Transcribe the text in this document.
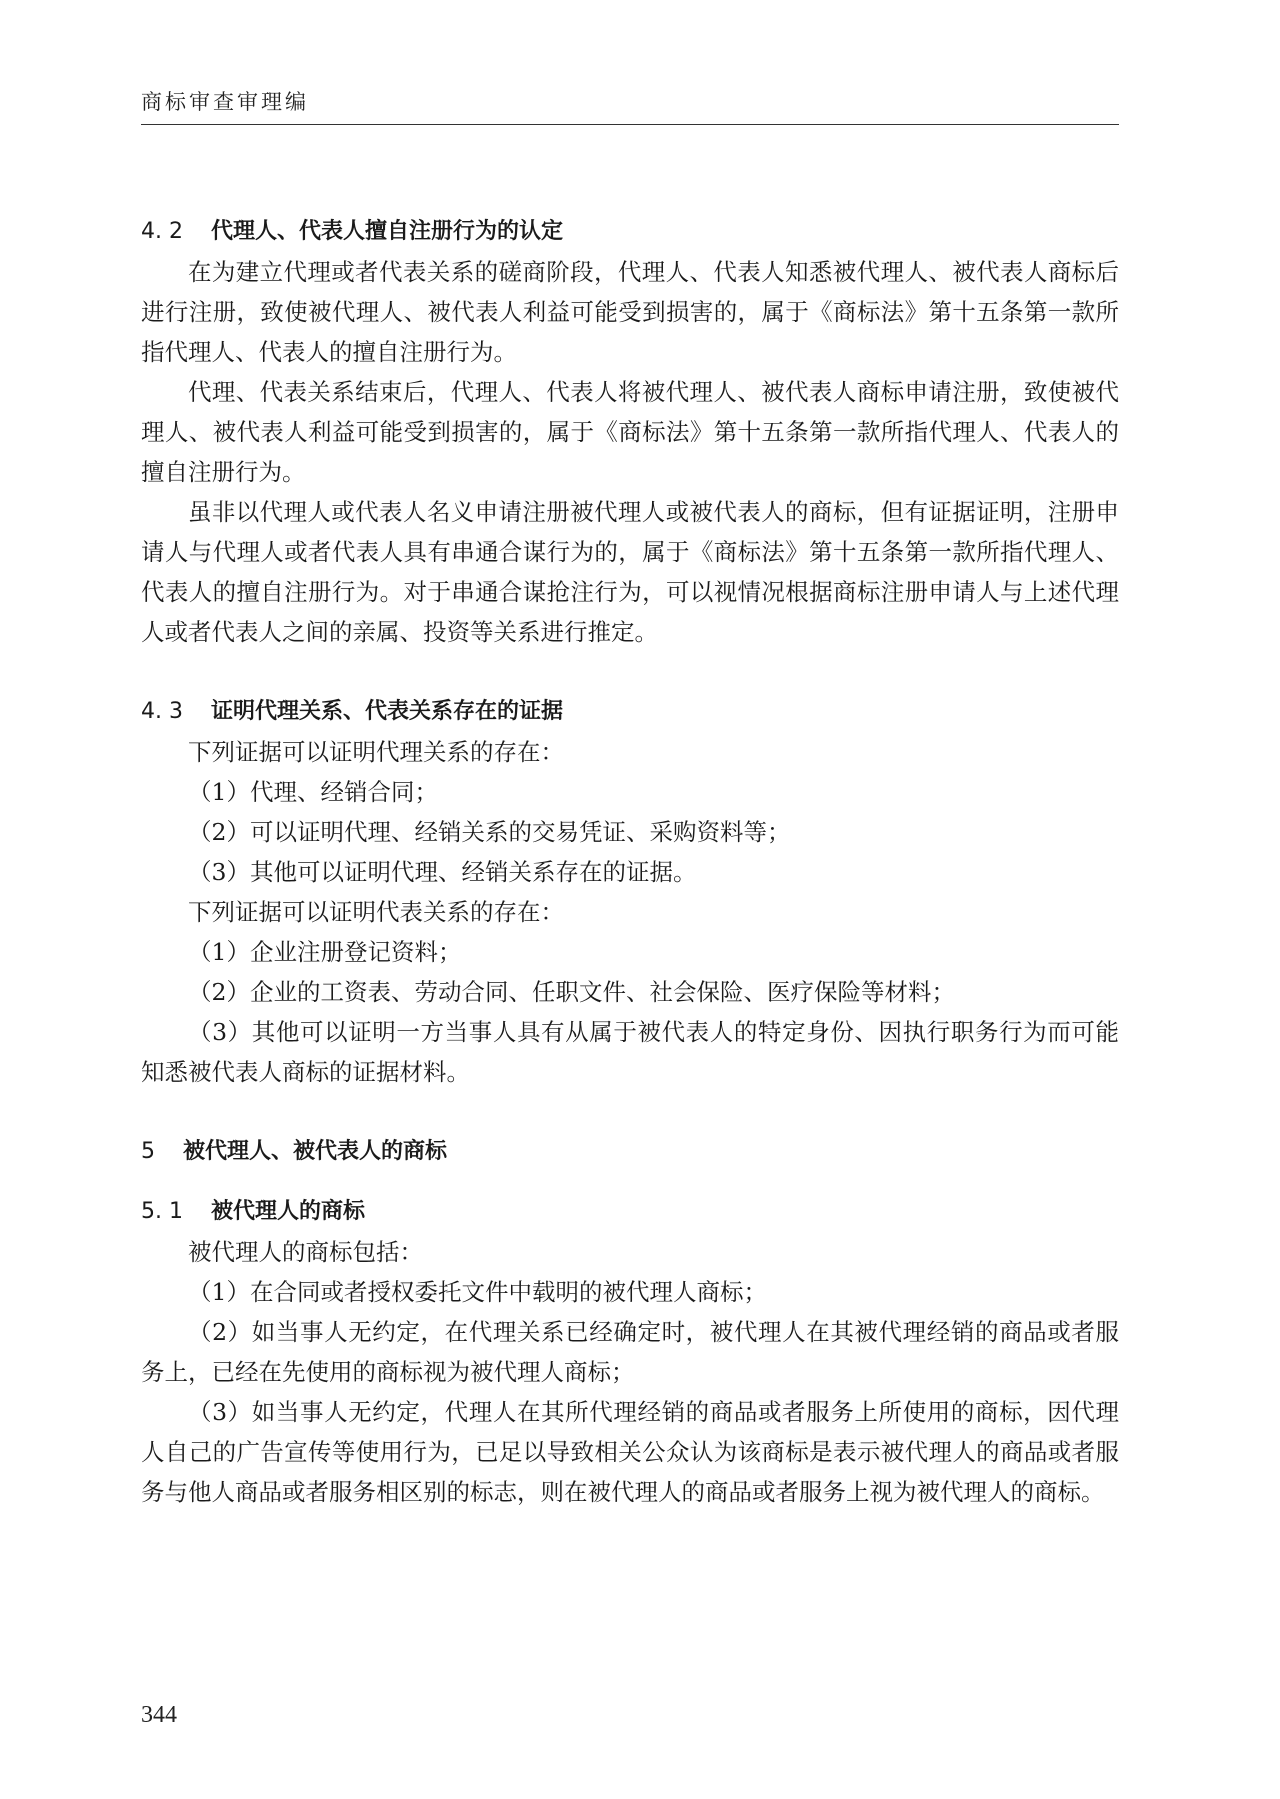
商标审查审理编
4. 2 代理人、代表人擅自注册行为的认定

在为建立代理或者代表关系的磋商阶段，代理人、代表人知悉被代理人、被代表人商标后进行注册，致使被代理人、被代表人利益可能受到损害的，属于《商标法》第十五条第一款所指代理人、代表人的擅自注册行为。

代理、代表关系结束后，代理人、代表人将被代理人、被代表人商标申请注册，致使被代理人、被代表人利益可能受到损害的，属于《商标法》第十五条第一款所指代理人、代表人的擅自注册行为。

虽非以代理人或代表人名义申请注册被代理人或被代表人的商标，但有证据证明，注册申请人与代理人或者代表人具有串通合谋行为的，属于《商标法》第十五条第一款所指代理人、代表人的擅自注册行为。对于串通合谋抢注行为，可以视情况根据商标注册申请人与上述代理人或者代表人之间的亲属、投资等关系进行推定。

4. 3 证明代理关系、代表关系存在的证据

下列证据可以证明代理关系的存在：

（1）代理、经销合同；

（2）可以证明代理、经销关系的交易凭证、采购资料等；

（3）其他可以证明代理、经销关系存在的证据。

下列证据可以证明代表关系的存在：

（1）企业注册登记资料；

（2）企业的工资表、劳动合同、任职文件、社会保险、医疗保险等材料；

（3）其他可以证明一方当事人具有从属于被代表人的特定身份、因执行职务行为而可能知悉被代表人商标的证据材料。

5 被代理人、被代表人的商标
5. 1 被代理人的商标

被代理人的商标包括：

（1）在合同或者授权委托文件中载明的被代理人商标；

（2）如当事人无约定，在代理关系已经确定时，被代理人在其被代理经销的商品或者服务上，已经在先使用的商标视为被代理人商标；

（3）如当事人无约定，代理人在其所代理经销的商品或者服务上所使用的商标，因代理人自己的广告宣传等使用行为，已足以导致相关公众认为该商标是表示被代理人的商品或者服务与他人商品或者服务相区别的标志，则在被代理人的商品或者服务上视为被代理人的商标。

344
